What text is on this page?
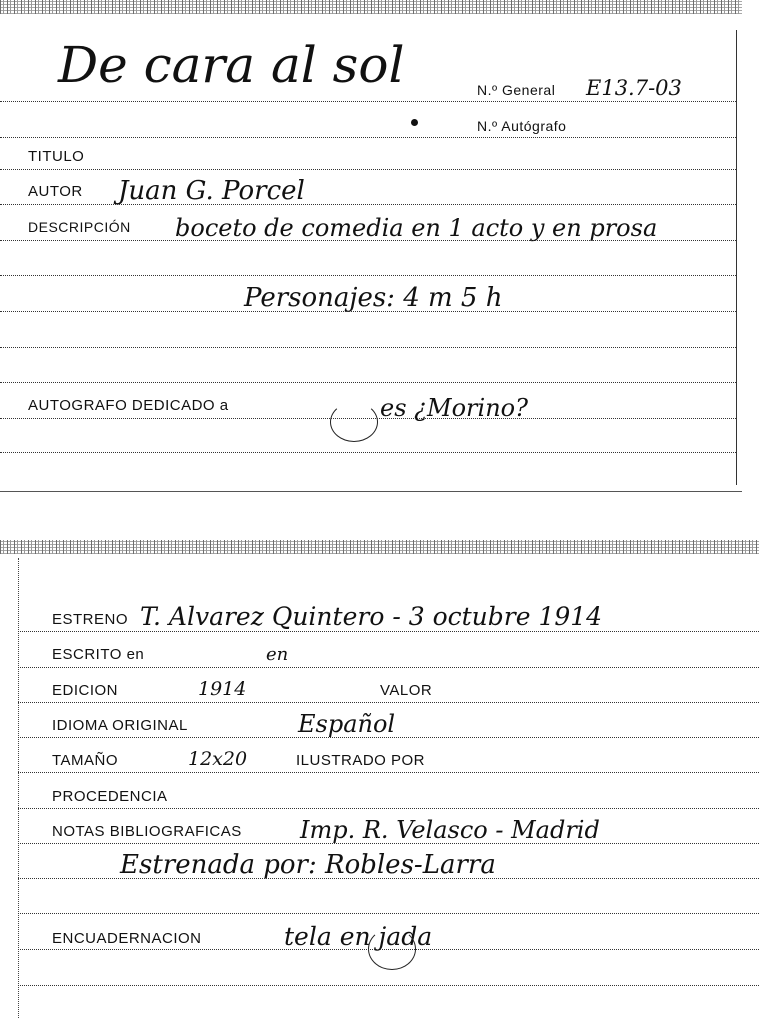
De cara al sol	N.º General E13.7-03
N.º Autógrafo
TITULO
AUTOR Juan G. Porcel
DESCRIPCIÓN boceto de comedia en 1 acto y en prosa
Personajes: 4 m 5 h
AUTOGRAFO DEDICADO a	es ¿Morino?
ESTRENO T. Alvarez Quintero - 3 octubre 1914
ESCRITO en	en
EDICION	1914	VALOR
IDIOMA ORIGINAL	Español
TAMAÑO	12x20	ILUSTRADO POR
PROCEDENCIA
NOTAS BIBLIOGRAFICAS Imp. R. Velasco - Madrid
Estrenada por: Robles-Larra
ENCUADERNACION	tela en jada
